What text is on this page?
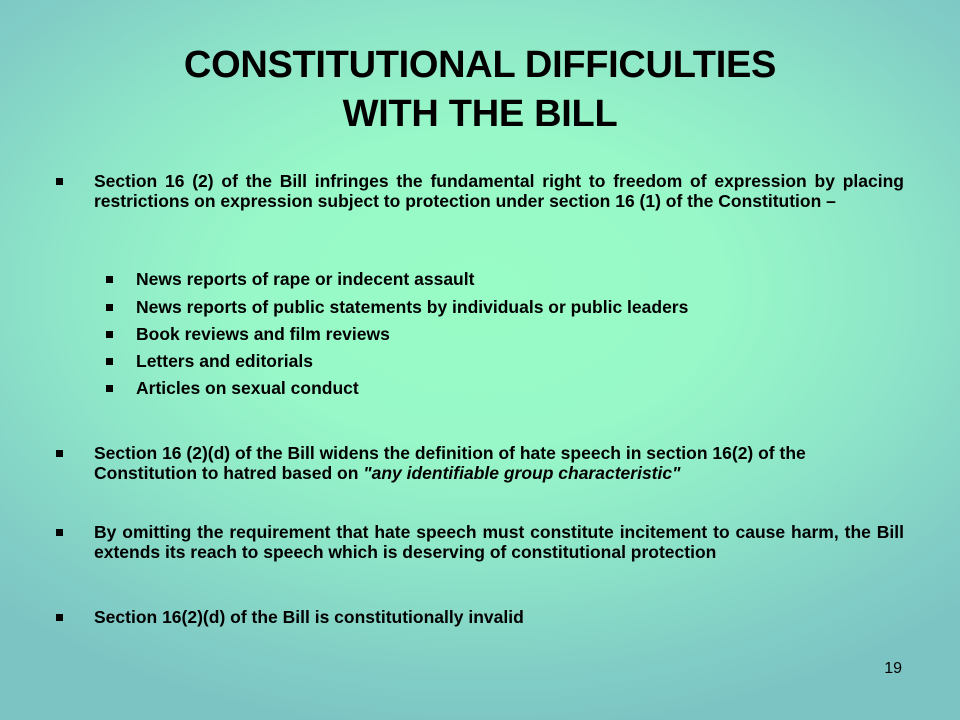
CONSTITUTIONAL DIFFICULTIES
WITH THE BILL
Section 16 (2) of the Bill infringes the fundamental right to freedom of expression by placing restrictions on expression subject to protection under section 16 (1) of the Constitution –
News reports of rape or indecent assault
News reports of public statements by individuals or public leaders
Book reviews and film reviews
Letters and editorials
Articles on sexual conduct
Section 16 (2)(d) of the Bill widens the definition of hate speech in section 16(2) of the Constitution to hatred based on "any identifiable group characteristic"
By omitting the requirement that hate speech must constitute incitement to cause harm, the Bill extends its reach to speech which is deserving of constitutional protection
Section 16(2)(d) of the Bill is constitutionally invalid
19
